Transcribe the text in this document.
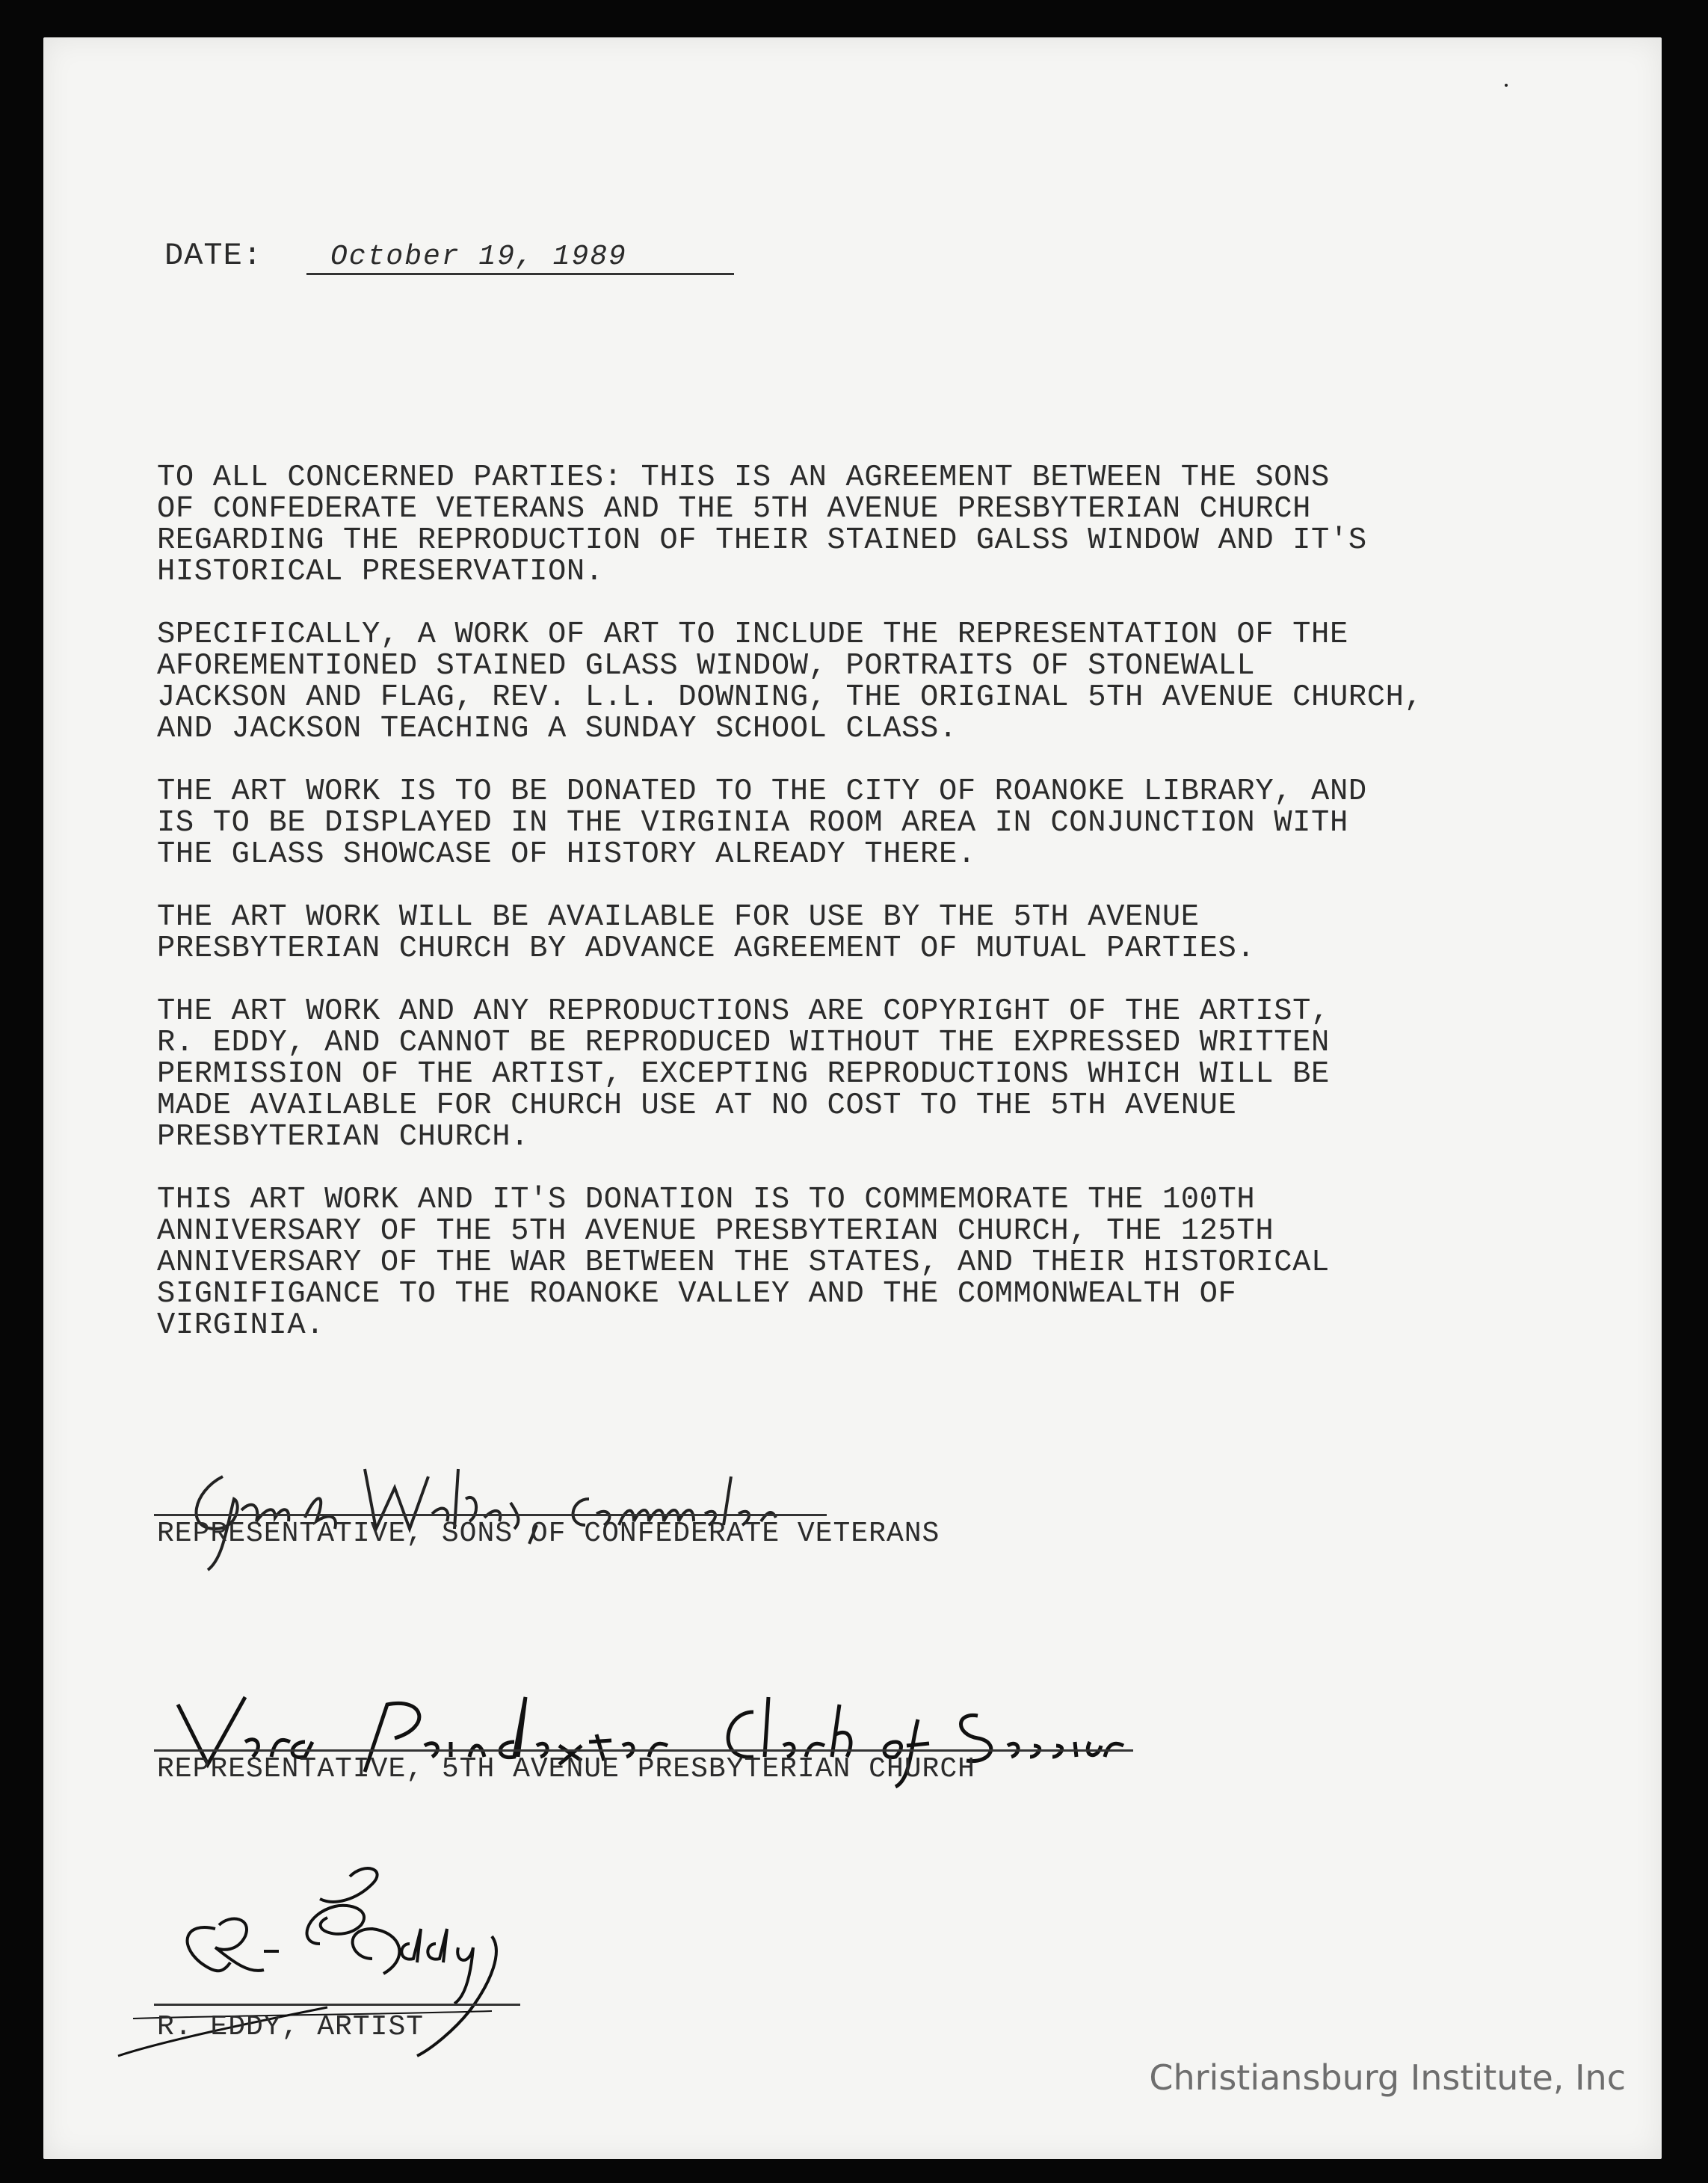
DATE: October 19, 1989

TO ALL CONCERNED PARTIES: THIS IS AN AGREEMENT BETWEEN THE SONS
OF CONFEDERATE VETERANS AND THE 5TH AVENUE PRESBYTERIAN CHURCH
REGARDING THE REPRODUCTION OF THEIR STAINED GALSS WINDOW AND IT'S
HISTORICAL PRESERVATION.

SPECIFICALLY, A WORK OF ART TO INCLUDE THE REPRESENTATION OF THE
AFOREMENTIONED STAINED GLASS WINDOW, PORTRAITS OF STONEWALL
JACKSON AND FLAG, REV. L.L. DOWNING, THE ORIGINAL 5TH AVENUE CHURCH,
AND JACKSON TEACHING A SUNDAY SCHOOL CLASS.

THE ART WORK IS TO BE DONATED TO THE CITY OF ROANOKE LIBRARY, AND
IS TO BE DISPLAYED IN THE VIRGINIA ROOM AREA IN CONJUNCTION WITH
THE GLASS SHOWCASE OF HISTORY ALREADY THERE.

THE ART WORK WILL BE AVAILABLE FOR USE BY THE 5TH AVENUE
PRESBYTERIAN CHURCH BY ADVANCE AGREEMENT OF MUTUAL PARTIES.

THE ART WORK AND ANY REPRODUCTIONS ARE COPYRIGHT OF THE ARTIST,
R. EDDY, AND CANNOT BE REPRODUCED WITHOUT THE EXPRESSED WRITTEN
PERMISSION OF THE ARTIST, EXCEPTING REPRODUCTIONS WHICH WILL BE
MADE AVAILABLE FOR CHURCH USE AT NO COST TO THE 5TH AVENUE
PRESBYTERIAN CHURCH.

THIS ART WORK AND IT'S DONATION IS TO COMMEMORATE THE 100TH
ANNIVERSARY OF THE 5TH AVENUE PRESBYTERIAN CHURCH, THE 125TH
ANNIVERSARY OF THE WAR BETWEEN THE STATES, AND THEIR HISTORICAL
SIGNIFIGANCE TO THE ROANOKE VALLEY AND THE COMMONWEALTH OF
VIRGINIA.

REPRESENTATIVE, SONS OF CONFEDERATE VETERANS
REPRESENTATIVE, 5TH AVENUE PRESBYTERIAN CHURCH
R. EDDY, ARTIST
Christiansburg Institute, Inc
